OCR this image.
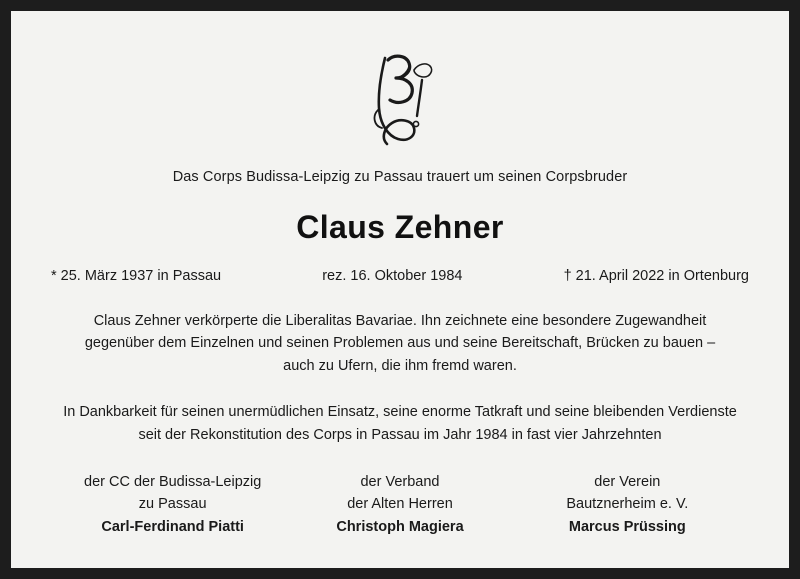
Das Corps Budissa-Leipzig zu Passau trauert um seinen Corpsbruder
Claus Zehner
* 25. März 1937 in Passau	rez. 16. Oktober 1984	† 21. April 2022 in Ortenburg
Claus Zehner verkörperte die Liberalitas Bavariae. Ihn zeichnete eine besondere Zugewandheit gegenüber dem Einzelnen und seinen Problemen aus und seine Bereitschaft, Brücken zu bauen – auch zu Ufern, die ihm fremd waren.
In Dankbarkeit für seinen unermüdlichen Einsatz, seine enorme Tatkraft und seine bleibenden Verdienste seit der Rekonstitution des Corps in Passau im Jahr 1984 in fast vier Jahrzehnten
der CC der Budissa-Leipzig
zu Passau
Carl-Ferdinand Piatti
der Verband
der Alten Herren
Christoph Magiera
der Verein
Bautznerheim e. V.
Marcus Prüssing
